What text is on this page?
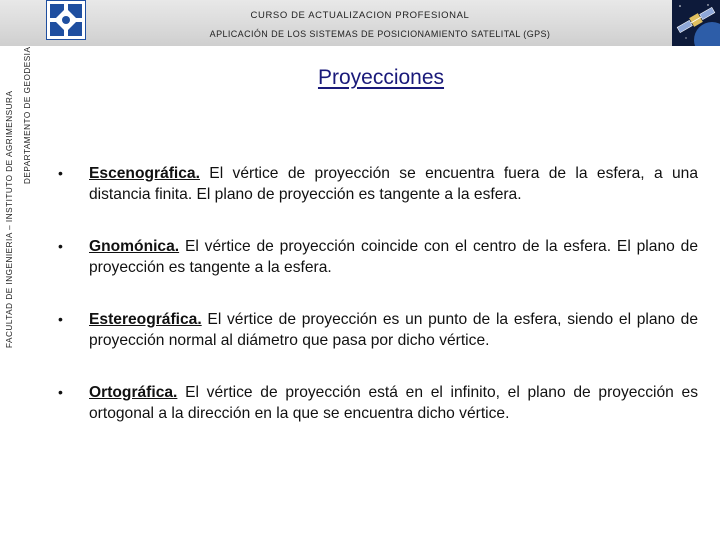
CURSO DE ACTUALIZACION PROFESIONAL
APLICACIÓN DE LOS SISTEMAS DE POSICIONAMIENTO SATELITAL (GPS)
FACULTAD DE INGENIERIA – INSTITUTO DE AGRIMENSURA DEPARTAMENTO DE GEODESIA	Proyecciones
• Escenográfica. El vértice de proyección se encuentra fuera de la esfera, a una distancia finita. El plano de proyección es tangente a la esfera.
• Gnomónica. El vértice de proyección coincide con el centro de la esfera. El plano de proyección es tangente a la esfera.
• Estereográfica. El vértice de proyección es un punto de la esfera, siendo el plano de proyección normal al diámetro que pasa por dicho vértice.
• Ortográfica. El vértice de proyección está en el infinito, el plano de proyección es ortogonal a la dirección en la que se encuentra dicho vértice.
